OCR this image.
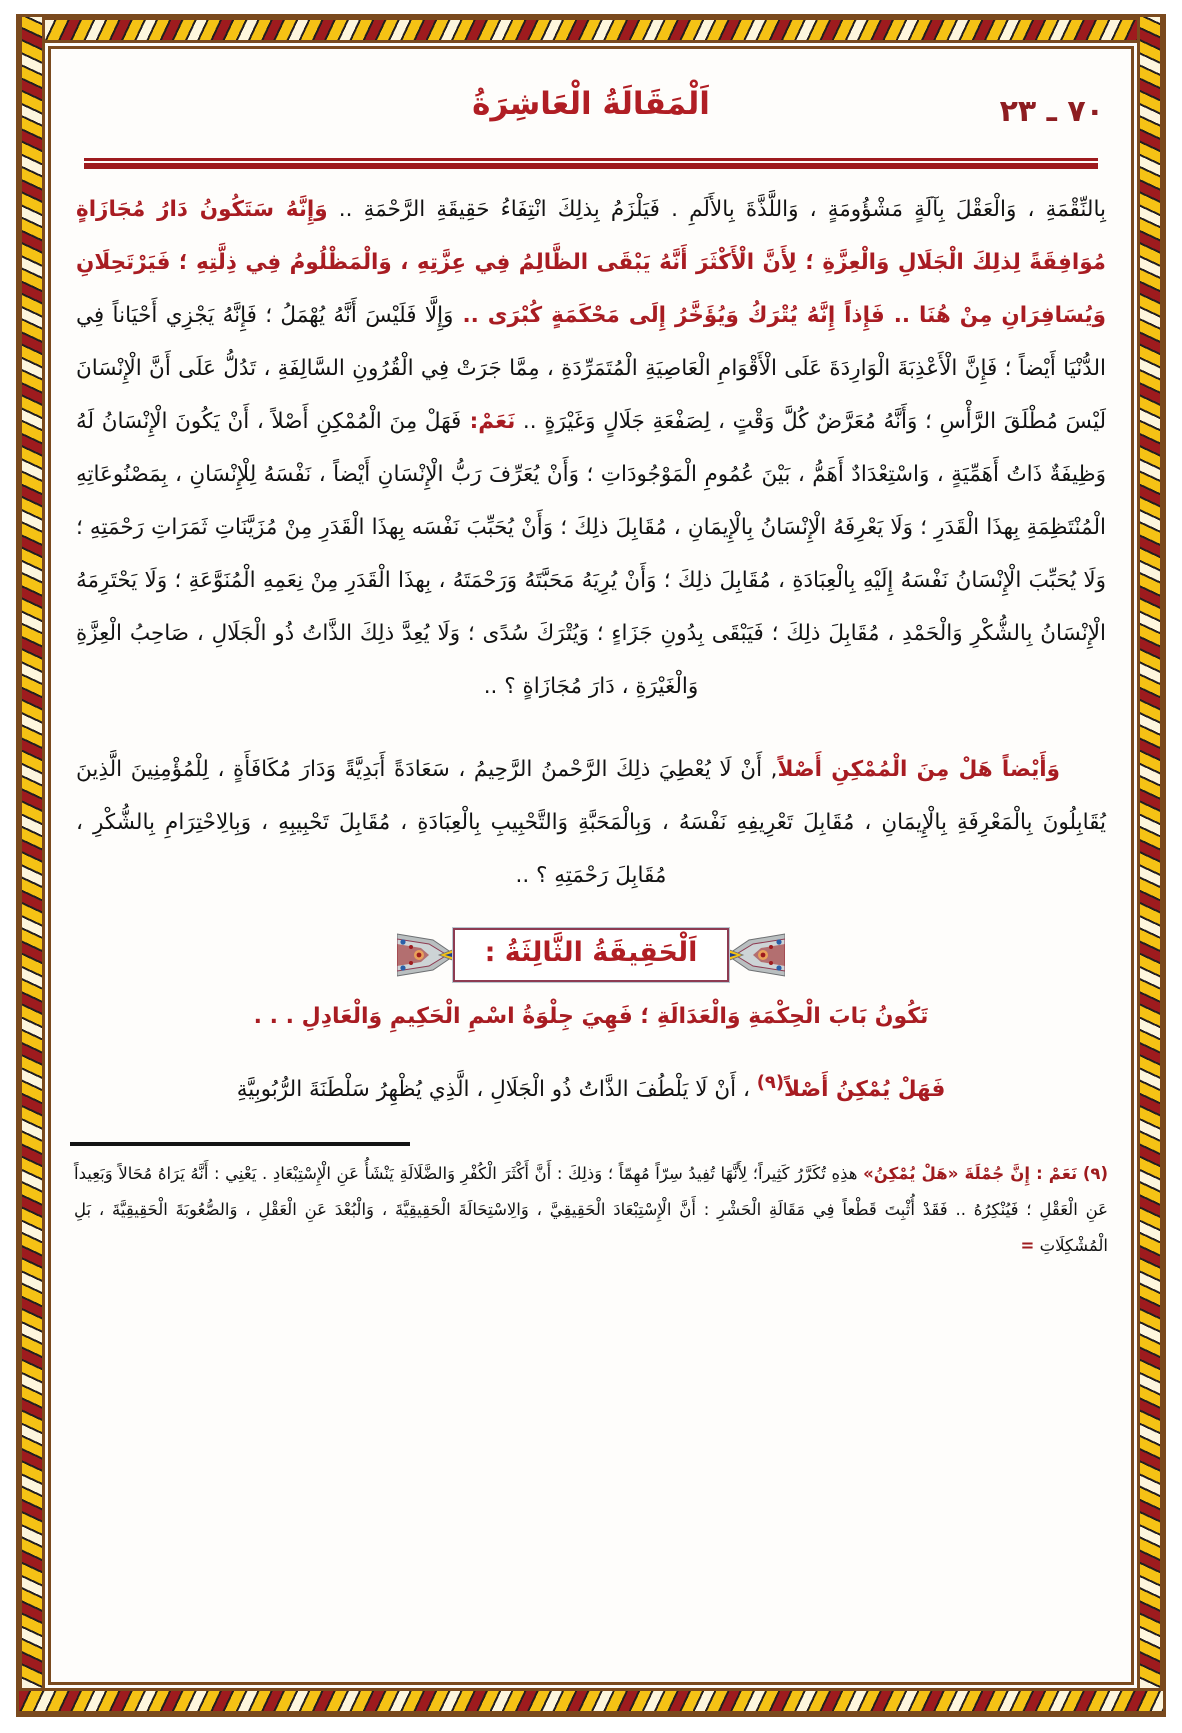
٧٠ ـ ٢٣
اَلْمَقَالَةُ الْعَاشِرَةُ

بِالنِّقْمَةِ ، وَالْعَقْلَ بِآلَةٍ مَشْؤُومَةٍ ، وَاللَّذَّةَ بِالأَلَمِ . فَيَلْزَمُ بِذلِكَ انْتِفَاءُ حَقِيقَةِ الرَّحْمَةِ .. وَإِنَّهُ سَتَكُونُ دَارُ مُجَازَاةٍ مُوَافِقَةً لِذلِكَ الْجَلَالِ وَالْعِزَّةِ ؛ لِأَنَّ الْأَكْثَرَ أَنَّهُ يَبْقَى الظَّالِمُ فِي عِزَّتِهِ ، وَالْمَظْلُومُ فِي ذِلَّتِهِ ؛ فَيَرْتَحِلَانِ وَيُسَافِرَانِ مِنْ هُنَا .. فَإِذاً إِنَّهُ يُتْرَكُ وَيُؤَخَّرُ إِلَى مَحْكَمَةٍ كُبْرَى .. وَإِلَّا فَلَيْسَ أَنَّهُ يُهْمَلُ ؛ فَإِنَّهُ يَجْزِي أَحْيَاناً فِي الدُّنْيَا أَيْضاً ؛ فَإِنَّ الْأَعْذِبَةَ الْوَارِدَةَ عَلَى الْأَقْوَامِ الْعَاصِيَةِ الْمُتَمَرِّدَةِ ، مِمَّا جَرَتْ فِي الْقُرُونِ السَّالِفَةِ ، تَدُلُّ عَلَى أَنَّ الْإِنْسَانَ لَيْسَ مُطْلَقَ الرَّأْسِ ؛ وَأَنَّهُ مُعَرَّضٌ كُلَّ وَقْتٍ ، لِصَفْعَةِ جَلَالٍ وَغَيْرَةٍ .. نَعَمْ: فَهَلْ مِنَ الْمُمْكِنِ أَصْلاً ، أَنْ يَكُونَ الْإِنْسَانُ لَهُ وَظِيفَةٌ ذَاتُ أَهَمِّيَةٍ ، وَاسْتِعْدَادٌ أَهَمُّ ، بَيْنَ عُمُومِ الْمَوْجُودَاتِ ؛ وَأَنْ يُعَرِّفَ رَبُّ الْإِنْسَانِ أَيْضاً ، نَفْسَهُ لِلْإِنْسَانِ ، بِمَصْنُوعَاتِهِ الْمُنْتَظِمَةِ بِهذَا الْقَدَرِ ؛ وَلَا يَعْرِفَهُ الْإِنْسَانُ بِالْإِيمَانِ ، مُقَابِلَ ذلِكَ ؛ وَأَنْ يُحَبِّبَ نَفْسَه بِهذَا الْقَدَرِ مِنْ مُزَيَّنَاتِ ثَمَرَاتِ رَحْمَتِهِ ؛ وَلَا يُحَبِّبَ الْإِنْسَانُ نَفْسَهُ إِلَيْهِ بِالْعِبَادَةِ ، مُقَابِلَ ذلِكَ ؛ وَأَنْ يُرِيَهُ مَحَبَّتَهُ وَرَحْمَتَهُ ، بِهذَا الْقَدَرِ مِنْ نِعَمِهِ الْمُنَوَّعَةِ ؛ وَلَا يَحْتَرِمَهُ الْإِنْسَانُ بِالشُّكْرِ وَالْحَمْدِ ، مُقَابِلَ ذلِكَ ؛ فَيَبْقَى بِدُونِ جَزَاءٍ ؛ وَيُتْرَكَ سُدًى ؛ وَلَا يُعِدَّ ذلِكَ الذَّاتُ ذُو الْجَلَالِ ، صَاحِبُ الْعِزَّةِ وَالْغَيْرَةِ ، دَارَ مُجَازَاةٍ ؟ ..

وَأَيْضاً هَلْ مِنَ الْمُمْكِنِ أَصْلاً, أَنْ لَا يُعْطِيَ ذلِكَ الرَّحْمنُ الرَّحِيمُ ، سَعَادَةً أَبَدِيَّةً وَدَارَ مُكَافَأَةٍ ، لِلْمُؤْمِنِينَ الَّذِينَ يُقَابِلُونَ بِالْمَعْرِفَةِ بِالْإِيمَانِ ، مُقَابِلَ تَعْرِيفِهِ نَفْسَهُ ، وَبِالْمَحَبَّةِ وَالتَّحْبِيبِ بِالْعِبَادَةِ ، مُقَابِلَ تَحْبِيبِهِ ، وَبِالِاحْتِرَامِ بِالشُّكْرِ ، مُقَابِلَ رَحْمَتِهِ ؟ ..

اَلْحَقِيقَةُ الثَّالِثَةُ :
تَكُونُ بَابَ الْحِكْمَةِ وَالْعَدَالَةِ ؛ فَهِيَ جِلْوَةُ اسْمِ الْحَكِيمِ وَالْعَادِلِ . . .

فَهَلْ يُمْكِنُ أَصْلاً$^{(٩)}$ ، أَنْ لَا يَلْطُفَ الذَّاتُ ذُو الْجَلَالِ ، الَّذِي يُظْهِرُ سَلْطَنَةَ الرُّبُوبِيَّةِ

(٩) نَعَمْ : إِنَّ جُمْلَةَ «هَلْ يُمْكِنُ» هذِهِ تُكَرَّرُ كَثِيراً؛ لِأَنَّهَا تُفِيدُ سِرّاً مُهِمّاً ؛ وَذلِكَ : أَنَّ أَكْثَرَ الْكُفْرِ وَالضَّلَالَةِ يَنْشَأُ عَنِ الْإِسْتِبْعَادِ . يَعْنِي : أَنَّهُ يَرَاهُ مُحَالاً وَبَعِيداً عَنِ الْعَقْلِ ؛ فَيُنْكِرُهُ .. فَقَدْ أُثْبِتَ قَطْعاً فِي مَقَالَةِ الْحَشْرِ : أَنَّ الْإِسْتِبْعَادَ الْحَقِيقِيَّ ، وَالِاسْتِحَالَةَ الْحَقِيقِيَّةَ ، وَالْبُعْدَ عَنِ الْعَقْلِ ، وَالصُّعُوبَةَ الْحَقِيقِيَّةَ ، بَلِ الْمُشْكِلَاتِ =
